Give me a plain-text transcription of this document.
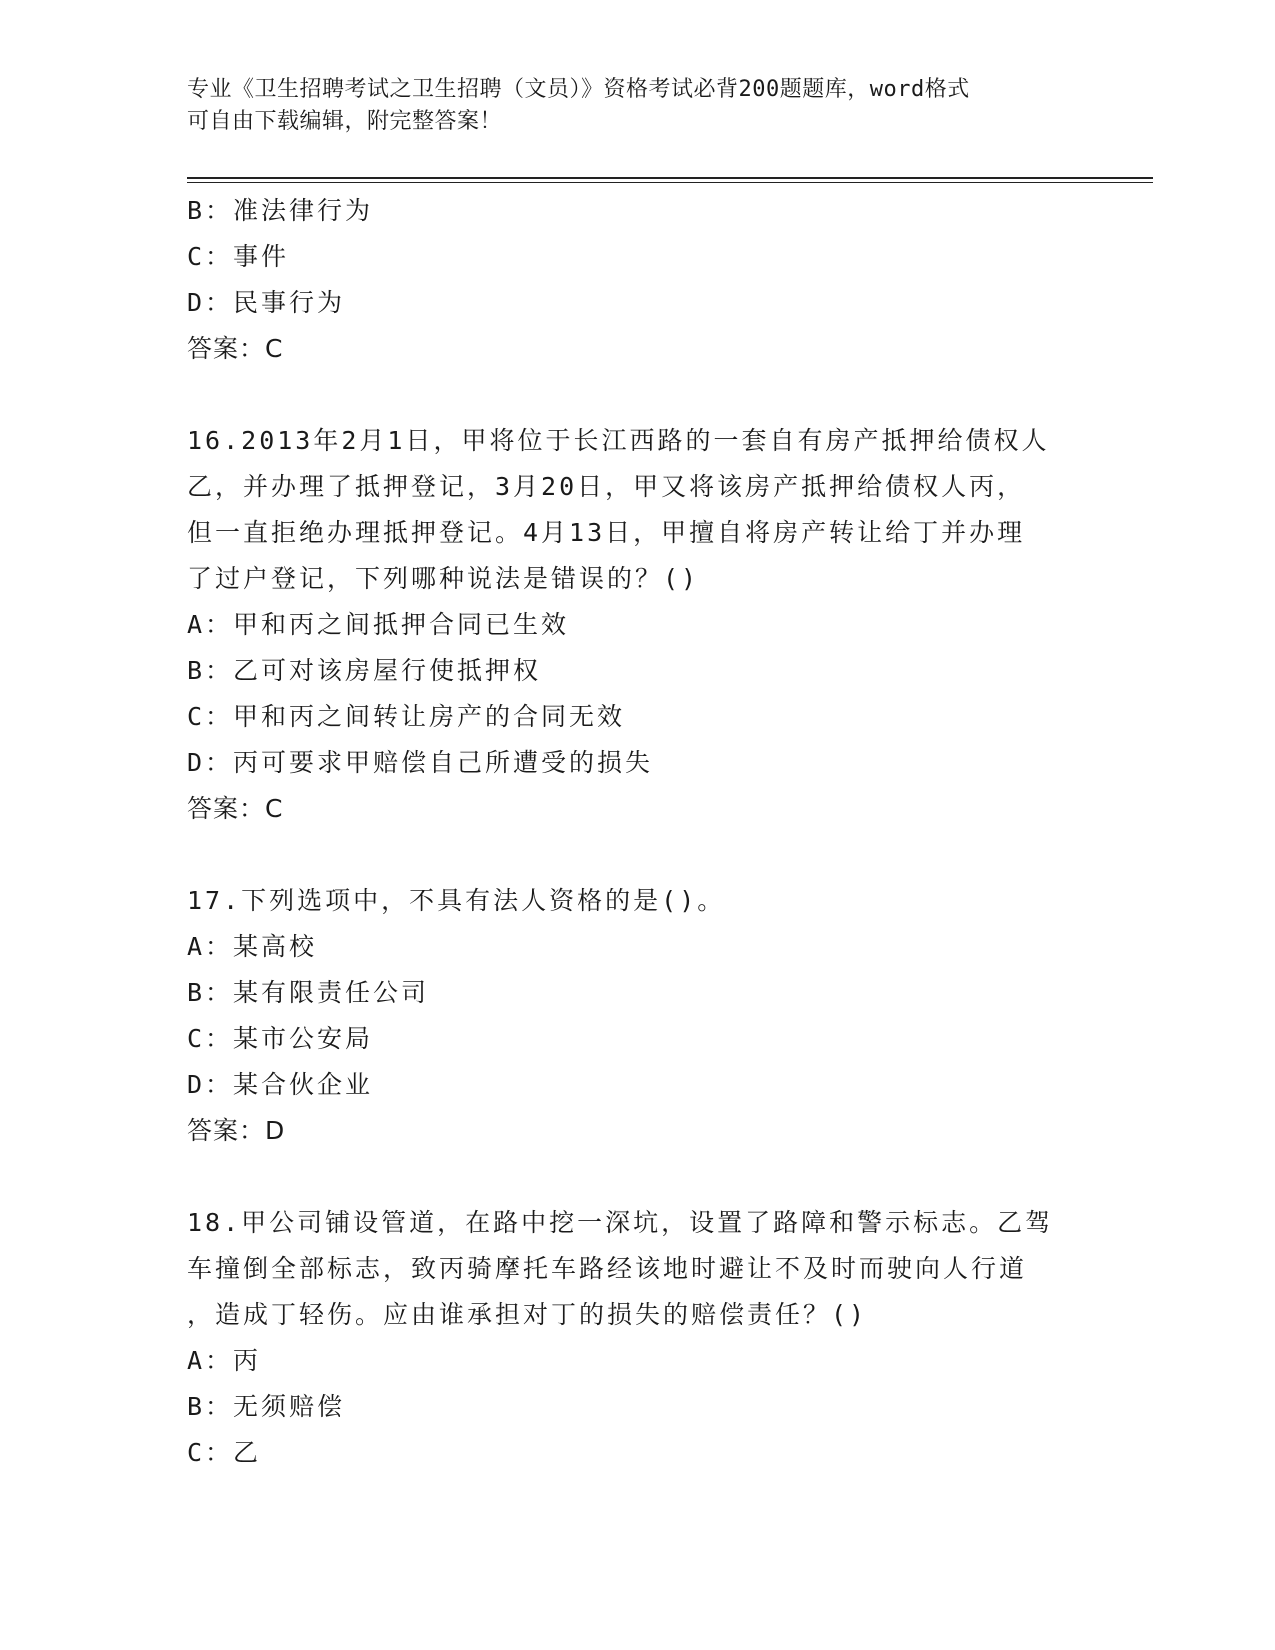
专业《卫生招聘考试之卫生招聘（文员）》资格考试必背200题题库，word格式
可自由下载编辑，附完整答案！
B：准法律行为
C：事件
D：民事行为
答案：C
16.2013年2月1日，甲将位于长江西路的一套自有房产抵押给债权人
乙，并办理了抵押登记，3月20日，甲又将该房产抵押给债权人丙，
但一直拒绝办理抵押登记。4月13日，甲擅自将房产转让给丁并办理
了过户登记，下列哪种说法是错误的？()
A：甲和丙之间抵押合同已生效
B：乙可对该房屋行使抵押权
C：甲和丙之间转让房产的合同无效
D：丙可要求甲赔偿自己所遭受的损失
答案：C
17.下列选项中，不具有法人资格的是()。
A：某高校
B：某有限责任公司
C：某市公安局
D：某合伙企业
答案：D
18.甲公司铺设管道，在路中挖一深坑，设置了路障和警示标志。乙驾
车撞倒全部标志，致丙骑摩托车路经该地时避让不及时而驶向人行道
，造成丁轻伤。应由谁承担对丁的损失的赔偿责任？()
A：丙
B：无须赔偿
C：乙
